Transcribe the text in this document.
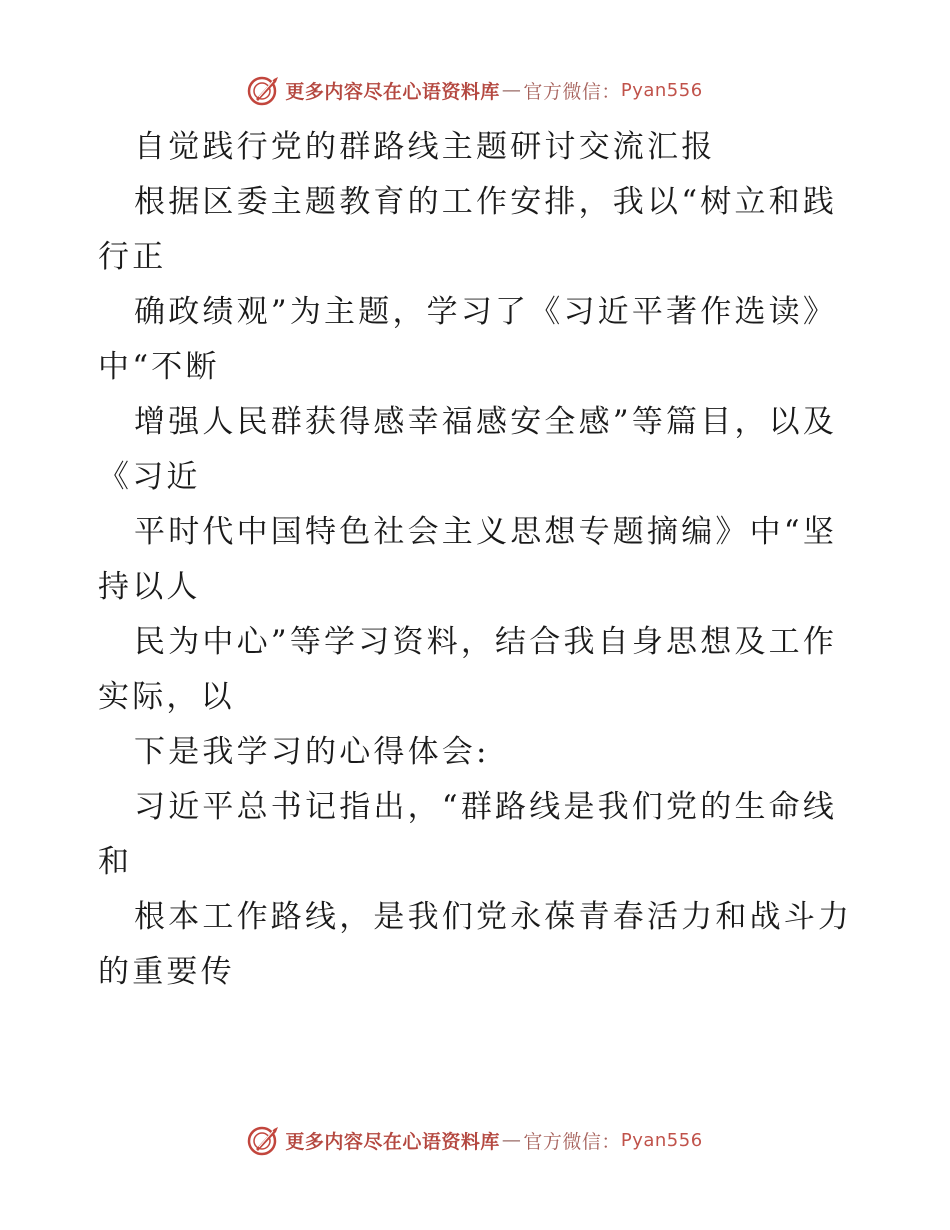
更多内容尽在心语资料库 — 官方微信： Pyan556
自觉践行党的群路线主题研讨交流汇报
根据区委主题教育的工作安排，我以“树立和践
行正
确政绩观”为主题，学习了《习近平著作选读》
中“不断
增强人民群获得感幸福感安全感”等篇目，以及
《习近
平时代中国特色社会主义思想专题摘编》中“坚
持以人
民为中心”等学习资料，结合我自身思想及工作
实际，以
下是我学习的心得体会:
习近平总书记指出，“群路线是我们党的生命线
和
根本工作路线，是我们党永葆青春活力和战斗力
的重要传
更多内容尽在心语资料库 — 官方微信： Pyan556
